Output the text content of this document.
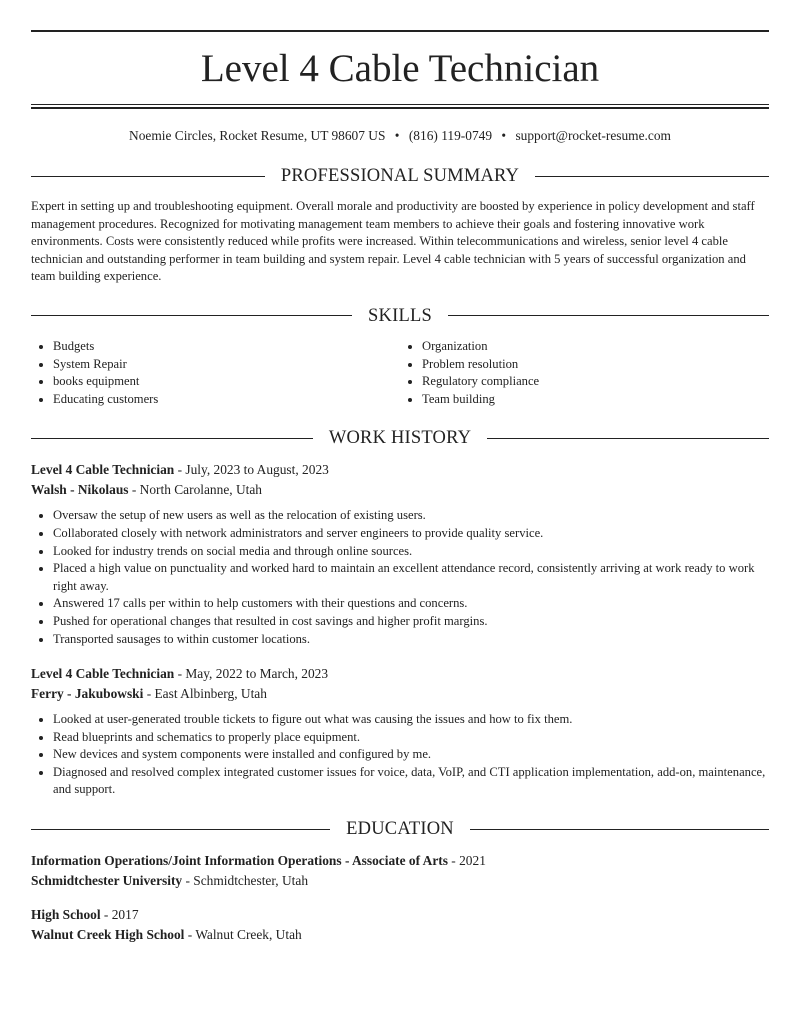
Level 4 Cable Technician
Noemie Circles, Rocket Resume, UT 98607 US • (816) 119-0749 • support@rocket-resume.com
PROFESSIONAL SUMMARY

Expert in setting up and troubleshooting equipment. Overall morale and productivity are boosted by experience in policy development and staff management procedures. Recognized for motivating management team members to achieve their goals and fostering innovative work environments. Costs were consistently reduced while profits were increased. Within telecommunications and wireless, senior level 4 cable technician and outstanding performer in team building and system repair. Level 4 cable technician with 5 years of successful organization and team building experience.

SKILLS
• Budgets
• System Repair
• books equipment
• Educating customers
• Organization
• Problem resolution
• Regulatory compliance
• Team building
WORK HISTORY
Level 4 Cable Technician - July, 2023 to August, 2023
Walsh - Nikolaus - North Carolanne, Utah
• Oversaw the setup of new users as well as the relocation of existing users.
• Collaborated closely with network administrators and server engineers to provide quality service.
• Looked for industry trends on social media and through online sources.
• Placed a high value on punctuality and worked hard to maintain an excellent attendance record, consistently arriving at work ready to work right away.
• Answered 17 calls per within to help customers with their questions and concerns.
• Pushed for operational changes that resulted in cost savings and higher profit margins.
• Transported sausages to within customer locations.
Level 4 Cable Technician - May, 2022 to March, 2023
Ferry - Jakubowski - East Albinberg, Utah
• Looked at user-generated trouble tickets to figure out what was causing the issues and how to fix them.
• Read blueprints and schematics to properly place equipment.
• New devices and system components were installed and configured by me.
• Diagnosed and resolved complex integrated customer issues for voice, data, VoIP, and CTI application implementation, add-on, maintenance, and support.
EDUCATION
Information Operations/Joint Information Operations - Associate of Arts - 2021
Schmidtchester University - Schmidtchester, Utah
High School - 2017
Walnut Creek High School - Walnut Creek, Utah
